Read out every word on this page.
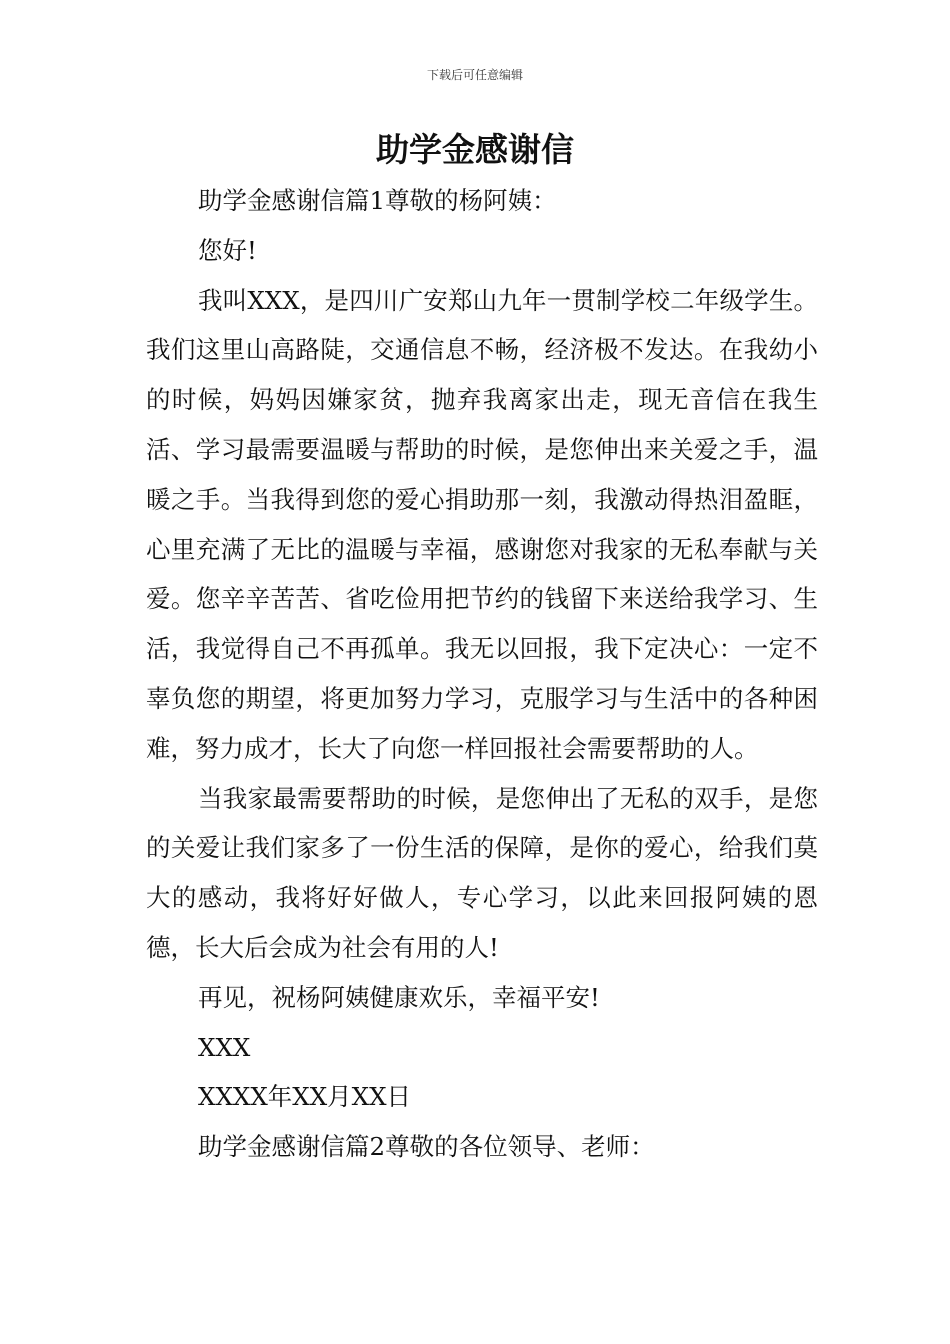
下载后可任意编辑
助学金感谢信

助学金感谢信篇1尊敬的杨阿姨：

您好!

我叫XXX，是四川广安郑山九年一贯制学校二年级学生。我们这里山高路陡，交通信息不畅，经济极不发达。在我幼小的时候，妈妈因嫌家贫，抛弃我离家出走，现无音信在我生活、学习最需要温暖与帮助的时候，是您伸出来关爱之手，温暖之手。当我得到您的爱心捐助那一刻，我激动得热泪盈眶，心里充满了无比的温暖与幸福，感谢您对我家的无私奉献与关爱。您辛辛苦苦、省吃俭用把节约的钱留下来送给我学习、生活，我觉得自己不再孤单。我无以回报，我下定决心：一定不辜负您的期望，将更加努力学习，克服学习与生活中的各种困难，努力成才，长大了向您一样回报社会需要帮助的人。

当我家最需要帮助的时候，是您伸出了无私的双手，是您的关爱让我们家多了一份生活的保障，是你的爱心，给我们莫大的感动，我将好好做人，专心学习，以此来回报阿姨的恩德，长大后会成为社会有用的人!

再见，祝杨阿姨健康欢乐，幸福平安!

XXX

XXXX年XX月XX日

助学金感谢信篇2尊敬的各位领导、老师：
